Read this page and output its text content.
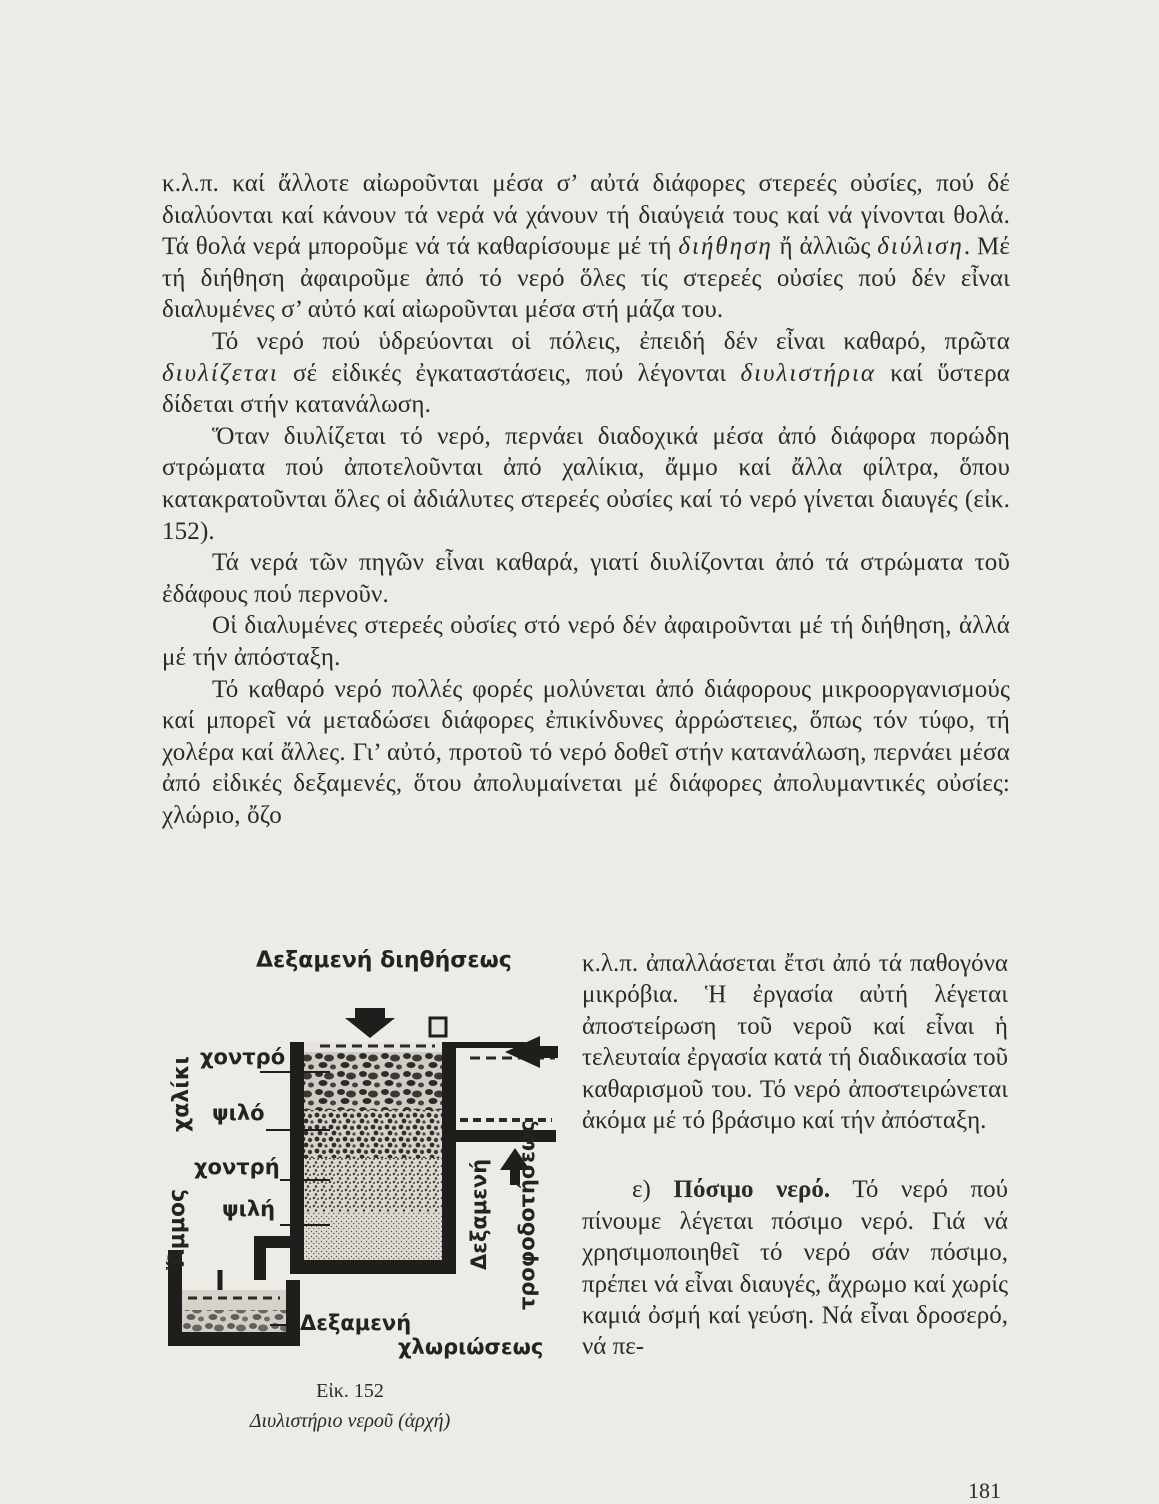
κ.λ.π. καί ἄλλοτε αἰωροῦνται μέσα σ’ αὐτά διάφορες στερεές οὐσίες, πού δέ διαλύονται καί κάνουν τά νερά νά χάνουν τή διαύγειά τους καί νά γίνονται θολά. Τά θολά νερά μποροῦμε νά τά καθαρίσουμε μέ τή διήθηση ἤ ἀλλιῶς διύλιση. Μέ τή διήθηση ἀφαιροῦμε ἀπό τό νερό ὅλες τίς στερεές οὐσίες πού δέν εἶναι διαλυμένες σ’ αὐτό καί αἰωροῦνται μέσα στή μάζα του.

Τό νερό πού ὑδρεύονται οἱ πόλεις, ἐπειδή δέν εἶναι καθαρό, πρῶτα διυλίζεται σέ εἰδικές ἐγκαταστάσεις, πού λέγονται διυλιστήρια καί ὕστερα δίδεται στήν κατανάλωση.

Ὅταν διυλίζεται τό νερό, περνάει διαδοχικά μέσα ἀπό διάφορα πορώδη στρώματα πού ἀποτελοῦνται ἀπό χαλίκια, ἄμμο καί ἄλλα φίλτρα, ὅπου κατακρατοῦνται ὅλες οἱ ἀδιάλυτες στερεές οὐσίες καί τό νερό γίνεται διαυγές (εἰκ. 152).

Τά νερά τῶν πηγῶν εἶναι καθαρά, γιατί διυλίζονται ἀπό τά στρώματα τοῦ ἐδάφους πού περνοῦν.

Οἱ διαλυμένες στερεές οὐσίες στό νερό δέν ἀφαιροῦνται μέ τή διήθηση, ἀλλά μέ τήν ἀπόσταξη.

Τό καθαρό νερό πολλές φορές μολύνεται ἀπό διάφορους μικροοργανισμούς καί μπορεῖ νά μεταδώσει διάφορες ἐπικίνδυνες ἀρρώστειες, ὅπως τόν τύφο, τή χολέρα καί ἄλλες. Γι’ αὐτό, προτοῦ τό νερό δοθεῖ στήν κατανάλωση, περνάει μέσα ἀπό εἰδικές δεξαμενές, ὅτου ἀπολυμαίνεται μέ διάφορες ἀπολυμαντικές οὐσίες: χλώριο, ὄζο

Δεξαμενή διηθήσεως
χοντρό
ψιλό
χοντρή
ψιλή
χαλίκι
Ἄμμος
Δεξαμενή
χλωριώσεως
Δεξαμενή τροφοδοτήσεως
Εἰκ. 152
Διυλιστήριο νεροῦ (ἀρχή)

κ.λ.π. ἀπαλλάσεται ἔτσι ἀπό τά παθογόνα μικρόβια. Ἡ ἐργασία αὐτή λέγεται ἀποστείρωση τοῦ νεροῦ καί εἶναι ἡ τελευταία ἐργασία κατά τή διαδικασία τοῦ καθαρισμοῦ του. Τό νερό ἀποστειρώνεται ἀκόμα μέ τό βράσιμο καί τήν ἀπόσταξη.

ε) Πόσιμο νερό. Τό νερό πού πίνουμε λέγεται πόσιμο νερό. Γιά νά χρησιμοποιηθεῖ τό νερό σάν πόσιμο, πρέπει νά εἶναι διαυγές, ἄχρωμο καί χωρίς καμιά ὀσμή καί γεύση. Νά εἶναι δροσερό, νά πε-

181
